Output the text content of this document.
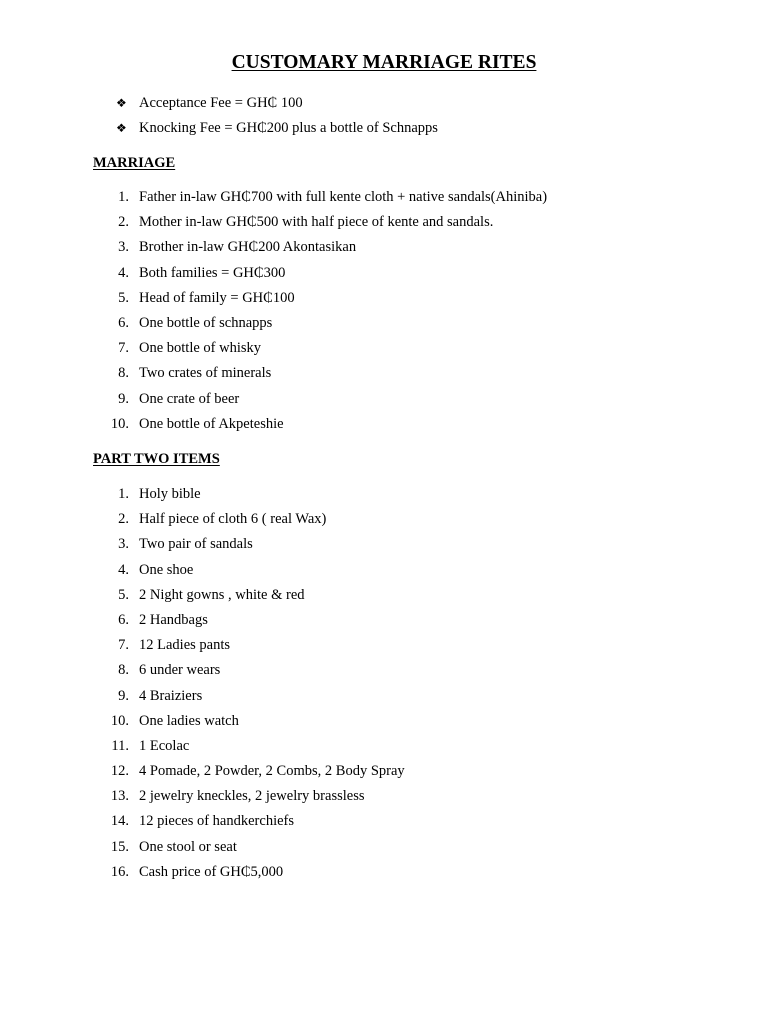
CUSTOMARY MARRIAGE RITES
❖ Acceptance Fee = GH₵ 100
❖ Knocking Fee = GH₵200 plus a bottle of Schnapps
MARRIAGE
1. Father in-law GH₵700 with full kente cloth + native sandals(Ahiniba)
2. Mother in-law GH₵500 with half piece of kente and sandals.
3. Brother in-law GH₵200 Akontasikan
4. Both families = GH₵300
5. Head of family = GH₵100
6. One bottle of schnapps
7. One bottle of whisky
8. Two crates of minerals
9. One crate of beer
10. One bottle of Akpeteshie
PART TWO ITEMS
1. Holy bible
2. Half piece of cloth 6 ( real Wax)
3. Two pair of sandals
4. One shoe
5. 2 Night gowns , white & red
6. 2 Handbags
7. 12 Ladies pants
8. 6 under wears
9. 4 Braiziers
10. One ladies watch
11. 1 Ecolac
12. 4 Pomade, 2 Powder, 2 Combs, 2 Body Spray
13. 2 jewelry kneckles, 2 jewelry brassless
14. 12 pieces of handkerchiefs
15. One stool or seat
16. Cash price of GH₵5,000
